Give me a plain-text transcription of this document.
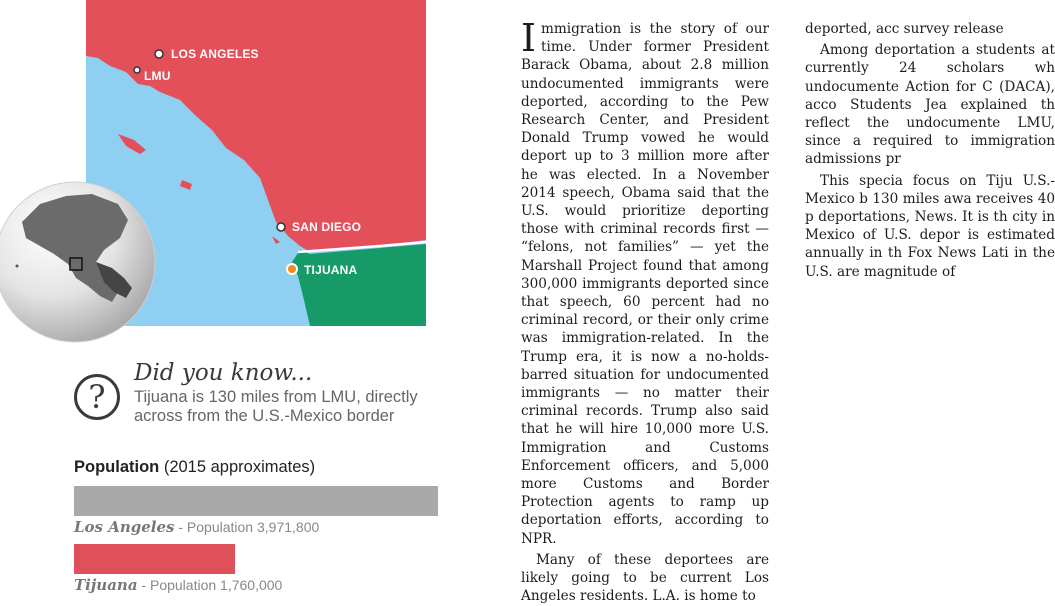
LOS ANGELES
LMU
SAN DIEGO
TIJUANA
?
Did you know...
Tijuana is 130 miles from LMU, directly across from the U.S.-Mexico border
Population (2015 approximates)
Los Angeles - Population 3,971,800
Tijuana - Population 1,760,000

Immigration is the story of our time. Under former President Barack Obama, about 2.8 million undocumented immigrants were deported, according to the Pew Research Center, and President Donald Trump vowed he would deport up to 3 million more after he was elected. In a November 2014 speech, Obama said that the U.S. would prioritize deporting those with criminal records first — “felons, not families” — yet the Marshall Project found that among 300,000 immigrants deported since that speech, 60 percent had no criminal record, or their only crime was immigration-related. In the Trump era, it is now a no-holds-barred situation for undocumented immigrants — no matter their criminal records. Trump also said that he will hire 10,000 more U.S. Immigration and Customs Enforcement officers, and 5,000 more Customs and Border Protection agents to ramp up deportation efforts, according to NPR.

Many of these deportees are likely going to be current Los Angeles residents. L.A. is home to

deported, acc survey release

Among deportation a students at currently 24 scholars wh undocumente Action for C (DACA), acco Students Jea explained th reflect the undocumente LMU, since a required to immigration admissions pr

This specia focus on Tiju U.S.-Mexico b 130 miles awa receives 40 p deportations, News. It is th city in Mexico of U.S. depor is estimated annually in th Fox News Lati in the U.S. are magnitude of
